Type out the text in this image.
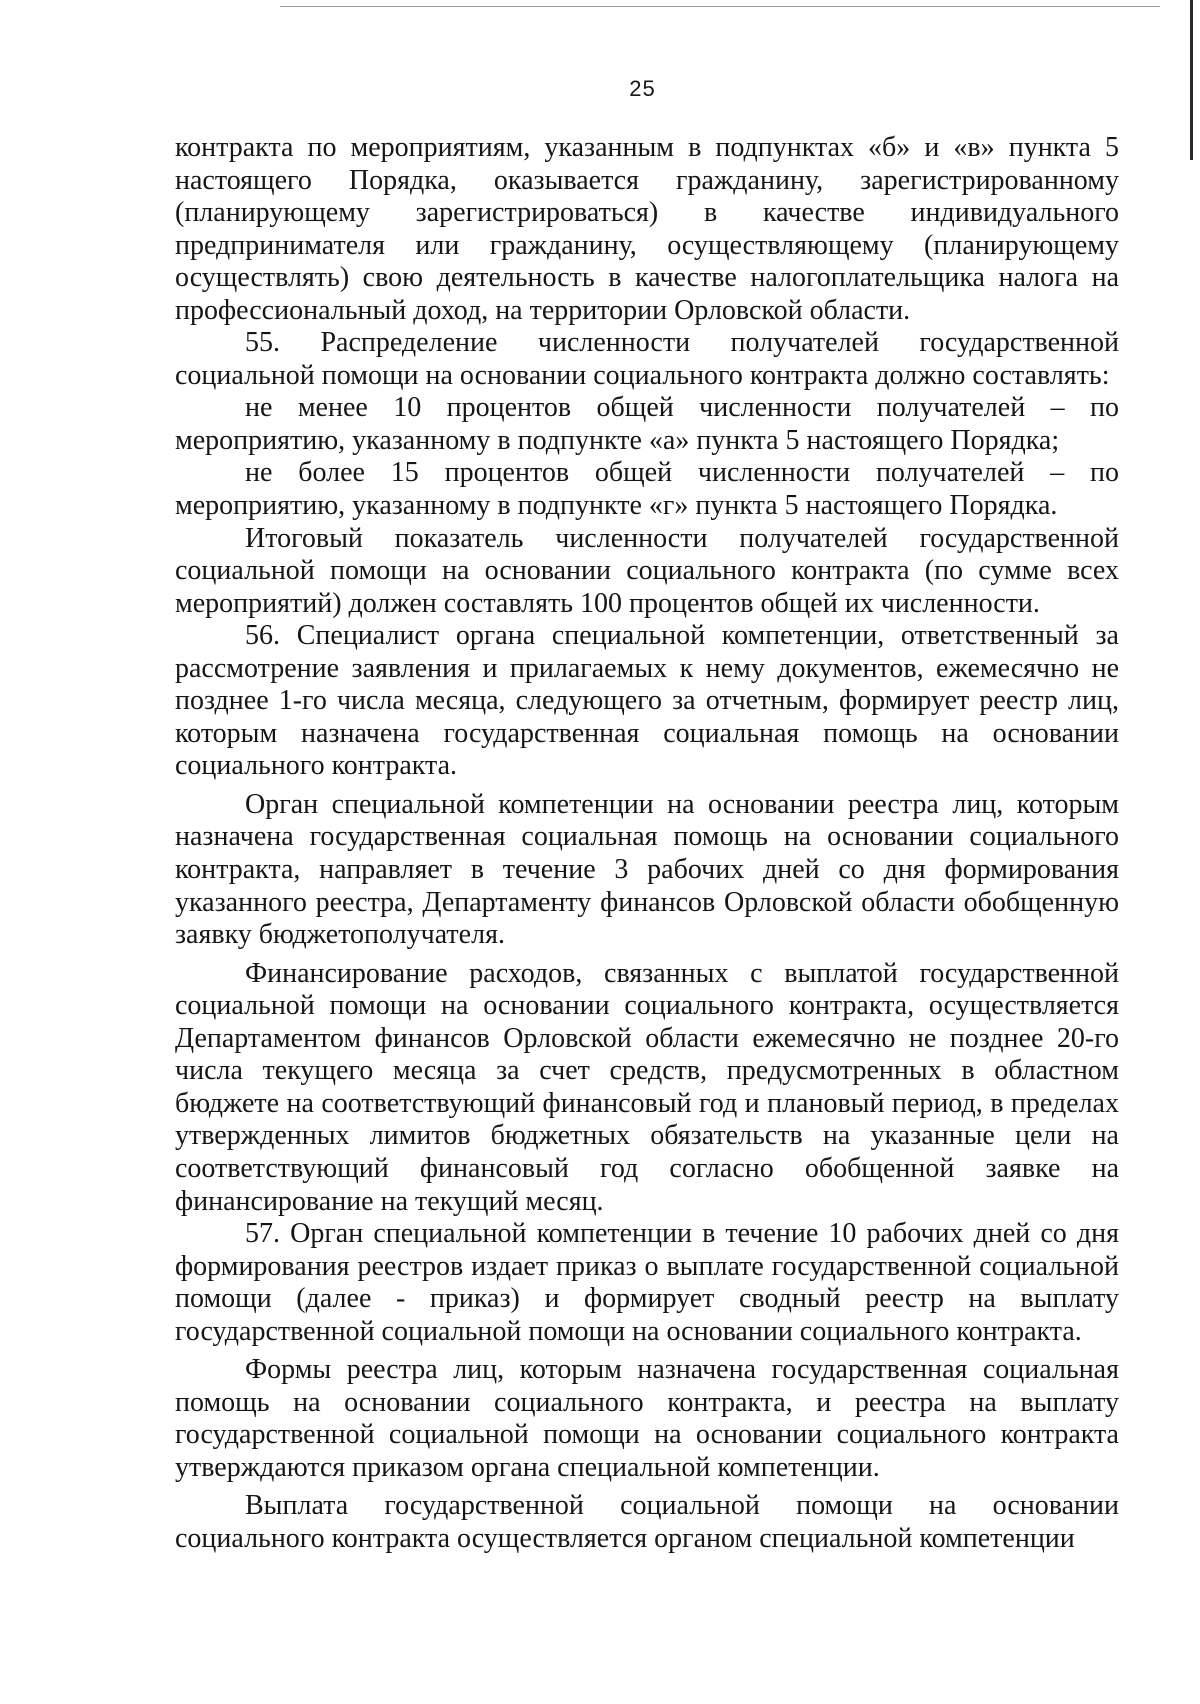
25

контракта по мероприятиям, указанным в подпунктах «б» и «в» пункта 5 настоящего Порядка, оказывается гражданину, зарегистрированному (планирующему зарегистрироваться) в качестве индивидуального предпринимателя или гражданину, осуществляющему (планирующему осуществлять) свою деятельность в качестве налогоплательщика налога на профессиональный доход, на территории Орловской области.

55. Распределение численности получателей государственной социальной помощи на основании социального контракта должно составлять:

не менее 10 процентов общей численности получателей – по мероприятию, указанному в подпункте «а» пункта 5 настоящего Порядка;

не более 15 процентов общей численности получателей – по мероприятию, указанному в подпункте «г» пункта 5 настоящего Порядка.

Итоговый показатель численности получателей государственной социальной помощи на основании социального контракта (по сумме всех мероприятий) должен составлять 100 процентов общей их численности.

56. Специалист органа специальной компетенции, ответственный за рассмотрение заявления и прилагаемых к нему документов, ежемесячно не позднее 1-го числа месяца, следующего за отчетным, формирует реестр лиц, которым назначена государственная социальная помощь на основании социального контракта.

Орган специальной компетенции на основании реестра лиц, которым назначена государственная социальная помощь на основании социального контракта, направляет в течение 3 рабочих дней со дня формирования указанного реестра, Департаменту финансов Орловской области обобщенную заявку бюджетополучателя.

Финансирование расходов, связанных с выплатой государственной социальной помощи на основании социального контракта, осуществляется Департаментом финансов Орловской области ежемесячно не позднее 20-го числа текущего месяца за счет средств, предусмотренных в областном бюджете на соответствующий финансовый год и плановый период, в пределах утвержденных лимитов бюджетных обязательств на указанные цели на соответствующий финансовый год согласно обобщенной заявке на финансирование на текущий месяц.

57. Орган специальной компетенции в течение 10 рабочих дней со дня формирования реестров издает приказ о выплате государственной социальной помощи (далее - приказ) и формирует сводный реестр на выплату государственной социальной помощи на основании социального контракта.

Формы реестра лиц, которым назначена государственная социальная помощь на основании социального контракта, и реестра на выплату государственной социальной помощи на основании социального контракта утверждаются приказом органа специальной компетенции.

Выплата государственной социальной помощи на основании социального контракта осуществляется органом специальной компетенции
